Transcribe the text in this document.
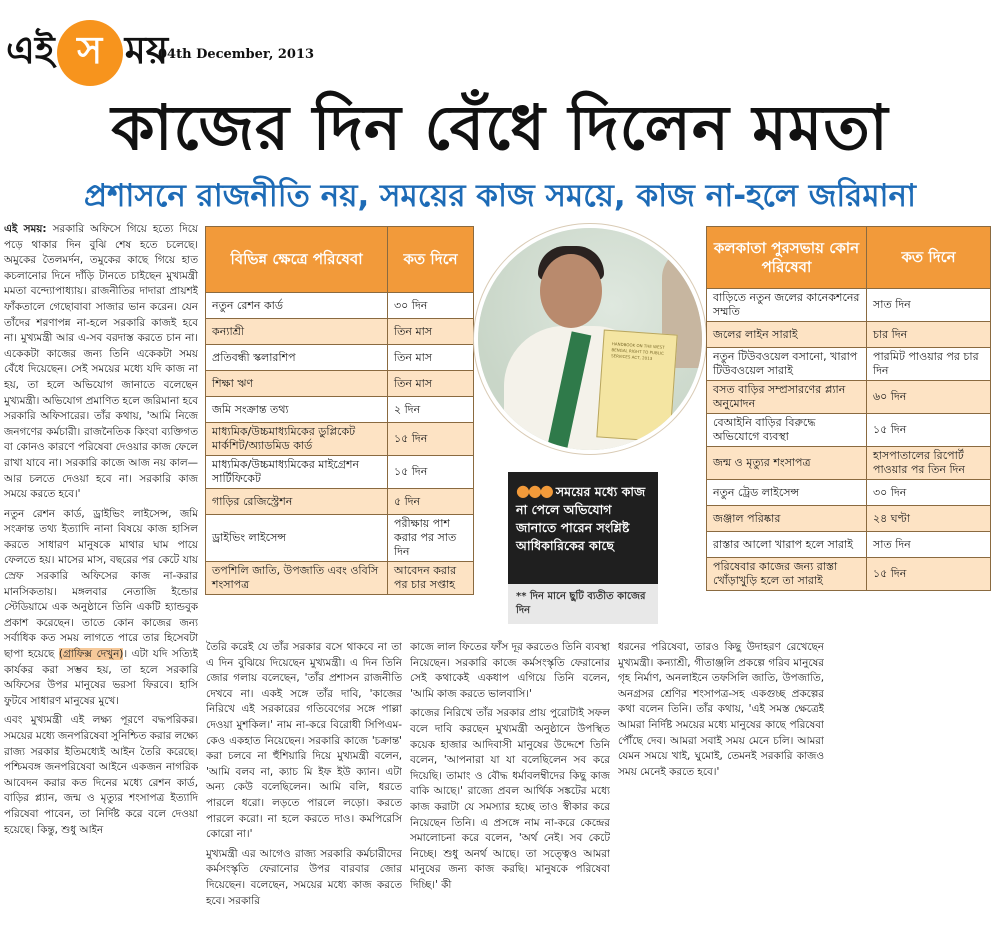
এই স ময়
04th December, 2013
কাজের দিন বেঁধে দিলেন মমতা
প্রশাসনে রাজনীতি নয়, সময়ের কাজ সময়ে, কাজ না-হলে জরিমানা

এই সময়: সরকারি অফিসে গিয়ে হত্যে দিয়ে পড়ে থাকার দিন বুঝি শেষ হতে চলেছে। অমুকের তৈলমর্দন, তমুকের কাছে গিয়ে হাত কচলানোর দিনে দাঁড়ি টানতে চাইছেন মুখ্যমন্ত্রী মমতা বন্দ্যোপাধ্যায়। রাজনীতির দাদারা প্রায়শই ফাঁকতালে গেছোবাবা সাজার ভান করেন। যেন তাঁদের শরণাপন্ন না-হলে সরকারি কাজই হবে না। মুখ্যমন্ত্রী আর এ-সব বরদাস্ত করতে চান না। একেকটা কাজের জন্য তিনি একেকটা সময় বেঁধে দিয়েছেন। সেই সময়ের মধ্যে যদি কাজ না হয়, তা হলে অভিযোগ জানাতে বলেছেন মুখ্যমন্ত্রী। অভিযোগ প্রমাণিত হলে জরিমানা হবে সরকারি অফিসারের। তাঁর কথায়, 'আমি নিজে জনগণের কর্মচারী। রাজনৈতিক কিংবা ব্যক্তিগত বা কোনও কারণে পরিষেবা দেওয়ার কাজ ফেলে রাখা যাবে না। সরকারি কাজে আজ নয় কাল—আর চলতে দেওয়া হবে না। সরকারি কাজ সময়ে করতে হবে।'

নতুন রেশন কার্ড, ড্রাইভিং লাইসেন্স, জমি সংক্রান্ত তথ্য ইত্যাদি নানা বিষয়ে কাজ হাসিল করতে সাধারণ মানুষকে মাথার ঘাম পায়ে ফেলতে হয়। মাসের মাস, বছরের পর কেটে যায় স্রেফ সরকারি অফিসের কাজ না-করার মানসিকতায়। মঙ্গলবার নেতাজি ইন্ডোর স্টেডিয়ামে এক অনুষ্ঠানে তিনি একটি হ্যান্ডবুক প্রকাশ করেছেন। তাতে কোন কাজের জন্য সর্বাধিক কত সময় লাগতে পারে তার হিসেবটা ছাপা হয়েছে (গ্রাফিক্স দেখুন)। এটা যদি সত্যিই কার্যকর করা সম্ভব হয়, তা হলে সরকারি অফিসের উপর মানুষের ভরসা ফিরবে। হাসি ফুটবে সাধারণ মানুষের মুখে।

এবং মুখ্যমন্ত্রী এই লক্ষ্য পূরণে বদ্ধপরিকর। সময়ের মধ্যে জনপরিষেবা সুনিশ্চিত করার লক্ষ্যে রাজ্য সরকার ইতিমধ্যেই আইন তৈরি করেছে। পশ্চিমবঙ্গ জনপরিষেবা আইনে একজন নাগরিক আবেদন করার কত দিনের মধ্যে রেশন কার্ড, বাড়ির প্ল্যান, জন্ম ও মৃত্যুর শংসাপত্র ইত্যাদি পরিষেবা পাবেন, তা নির্দিষ্ট করে বলে দেওয়া হয়েছে। কিন্তু, শুধু আইন

বিভিন্ন ক্ষেত্রে পরিষেবা	কত দিনে
নতুন রেশন কার্ড	৩০ দিন
কন্যাশ্রী	তিন মাস
প্রতিবন্ধী স্কলারশিপ	তিন মাস
শিক্ষা ঋণ	তিন মাস
জমি সংক্রান্ত তথ্য	২ দিন
মাধ্যমিক/উচ্চমাধ্যমিকের ডুপ্লিকেট মার্কশিট/অ্যাডমিড কার্ড	১৫ দিন
মাধ্যমিক/উচ্চমাধ্যমিকের মাইগ্রেশন সার্টিফিকেট	১৫ দিন
গাড়ির রেজিস্ট্রেশন	৫ দিন
ড্রাইভিং লাইসেন্স	পরীক্ষায় পাশ করার পর সাত দিন
তপশিলি জাতি, উপজাতি এবং ওবিসি শংসাপত্র	আবেদন করার পর চার সপ্তাহ
HANDBOOK ON THE WEST BENGAL RIGHT TO PUBLIC SERVICES ACT, 2013
●●● সময়ের মধ্যে কাজ না পেলে অভিযোগ জানাতে পারেন সংশ্লিষ্ট আধিকারিকের কাছে
** দিন মানে ছুটি ব্যতীত কাজের দিন
কলকাতা পুরসভায় কোন পরিষেবা	কত দিনে
বাড়িতে নতুন জলের কানেকশনের সম্মতি	সাত দিন
জলের লাইন সারাই	চার দিন
নতুন টিউবওয়েল বসানো, খারাপ টিউবওয়েল সারাই	পারমিট পাওয়ার পর চার দিন
বসত বাড়ির সম্প্রসারণের প্ল্যান অনুমোদন	৬০ দিন
বেআইনি বাড়ির বিরুদ্ধে অভিযোগে ব্যবস্থা	১৫ দিন
জন্ম ও মৃত্যুর শংসাপত্র	হাসপাতালের রিপোর্ট পাওয়ার পর তিন দিন
নতুন ট্রেড লাইসেন্স	৩০ দিন
জঞ্জাল পরিষ্কার	২৪ ঘণ্টা
রাস্তার আলো খারাপ হলে সারাই	সাত দিন
পরিষেবার কাজের জন্য রাস্তা খোঁড়াখুড়ি হলে তা সারাই	১৫ দিন

তৈরি করেই যে তাঁর সরকার বসে থাকবে না তা এ দিন বুঝিয়ে দিয়েছেন মুখ্যমন্ত্রী। এ দিন তিনি জোর গলায় বলেছেন, 'তাঁর প্রশাসন রাজনীতি দেখবে না। একই সঙ্গে তাঁর দাবি, 'কাজের নিরিখে এই সরকারের গতিবেগের সঙ্গে পাল্লা দেওয়া মুশকিল।' নাম না-করে বিরোধী সিপিএম-কেও একহাত নিয়েছেন। সরকারি কাজে 'চক্রান্ত' করা চলবে না হুঁশিয়ারি দিয়ে মুখ্যমন্ত্রী বলেন, 'আমি বলব না, ক্যাচ মি ইফ ইউ ক্যান। এটা অন্য কেউ বলেছিলেন। আমি বলি, ধরতে পারলে ধরো। লড়তে পারলে লড়ো। করতে পারলে করো। না হলে করতে দাও। কমপিরেসি কোরো না।'

মুখ্যমন্ত্রী এর আগেও রাজ্য সরকারি কর্মচারীদের কর্মসংস্কৃতি ফেরানোর উপর বারবার জোর দিয়েছেন। বলেছেন, সময়ের মধ্যে কাজ করতে হবে। সরকারি

কাজে লাল ফিতের ফাঁস দূর করতেও তিনি ব্যবস্থা নিয়েছেন। সরকারি কাজে কর্মসংস্কৃতি ফেরানোর সেই কথাকেই একধাপ এগিয়ে তিনি বলেন, 'আমি কাজ করতে ভালবাসি।'

কাজের নিরিখে তাঁর সরকার প্রায় পুরোটাই সফল বলে দাবি করছেন মুখ্যমন্ত্রী অনুষ্ঠানে উপস্থিত কয়েক হাজার আদিবাসী মানুষের উদ্দেশে তিনি বলেন, 'আপনারা যা যা বলেছিলেন সব করে দিয়েছি। তামাং ও বৌদ্ধ ধর্মাবলম্বীদের কিছু কাজ বাকি আছে।' রাজ্যে প্রবল আর্থিক সঙ্কটের মধ্যে কাজ করাটা যে সমস্যার হচ্ছে তাও স্বীকার করে নিয়েছেন তিনি। এ প্রসঙ্গে নাম না-করে কেন্দ্রের সমালোচনা করে বলেন, 'অর্থ নেই। সব কেটে নিচ্ছে। শুধু অনর্থ আছে। তা সত্ত্বেও আমরা মানুষের জন্য কাজ করছি। মানুষকে পরিষেবা দিচ্ছি।' কী

ধরনের পরিষেবা, তারও কিছু উদাহরণ রেখেছেন মুখ্যমন্ত্রী। কন্যাশ্রী, গীতাঞ্জলি প্রকল্পে গরিব মানুষের গৃহ নির্মাণ, অনলাইনে তফসিলি জাতি, উপজাতি, অনগ্রসর শ্রেণির শংসাপত্র-সহ একগুচ্ছ প্রকল্পের কথা বলেন তিনি। তাঁর কথায়, 'এই সমস্ত ক্ষেত্রেই আমরা নির্দিষ্ট সময়ের মধ্যে মানুষের কাছে পরিষেবা পৌঁছে দেব। আমরা সবাই সময় মেনে চলি। আমরা যেমন সময়ে খাই, ঘুমোই, তেমনই সরকারি কাজও সময় মেনেই করতে হবে।'
